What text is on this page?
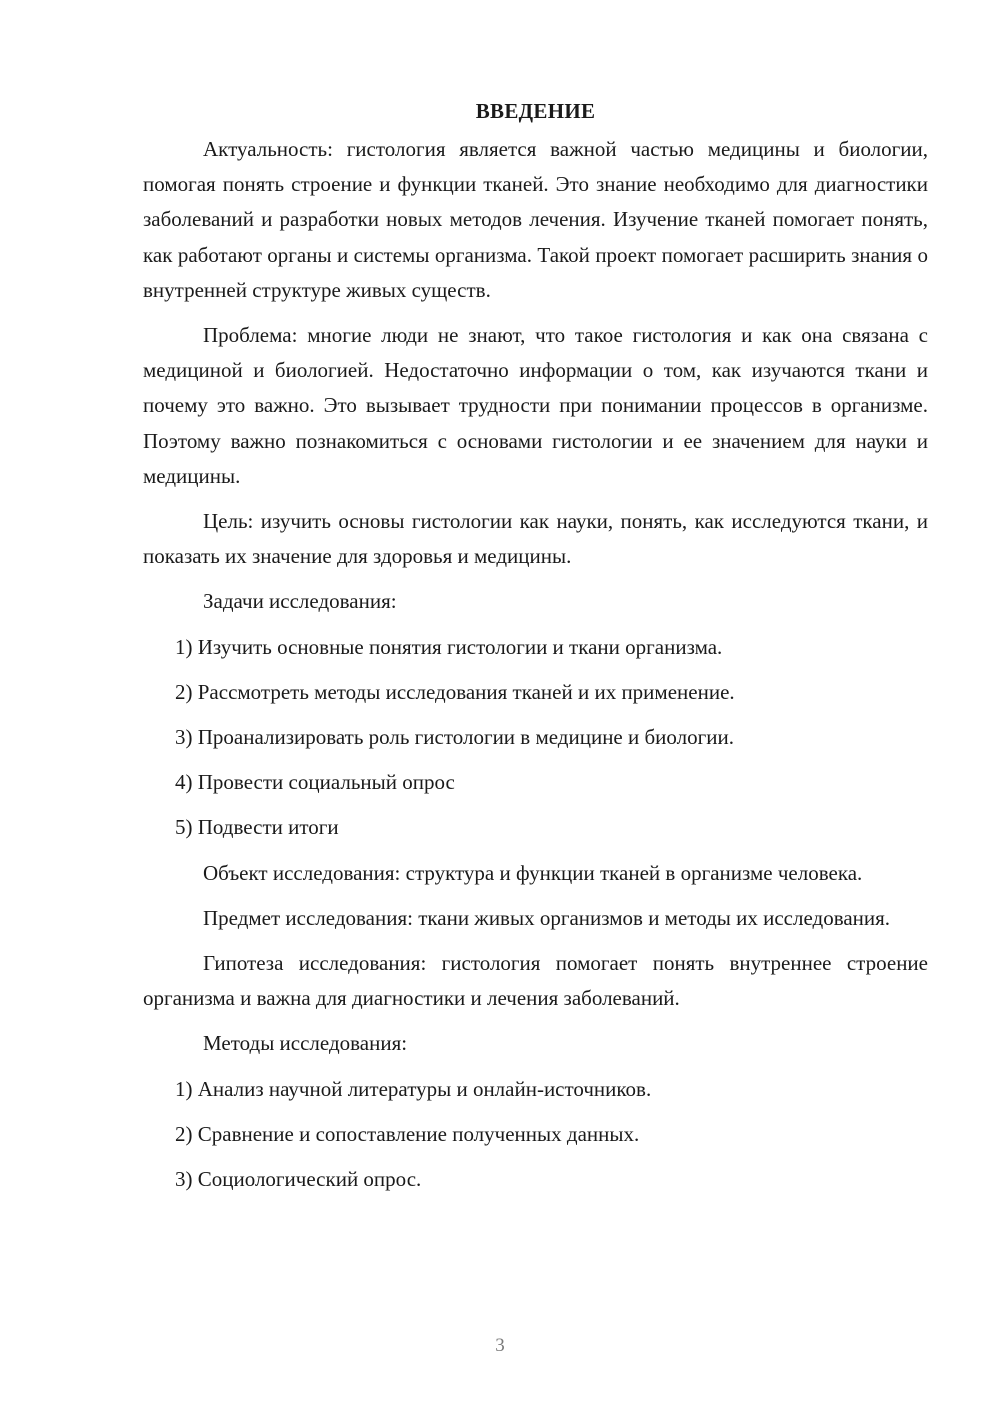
ВВЕДЕНИЕ

Актуальность: гистология является важной частью медицины и биологии, помогая понять строение и функции тканей. Это знание необходимо для диагностики заболеваний и разработки новых методов лечения. Изучение тканей помогает понять, как работают органы и системы организма. Такой проект помогает расширить знания о внутренней структуре живых существ.

Проблема: многие люди не знают, что такое гистология и как она связана с медициной и биологией. Недостаточно информации о том, как изучаются ткани и почему это важно. Это вызывает трудности при понимании процессов в организме. Поэтому важно познакомиться с основами гистологии и ее значением для науки и медицины.

Цель: изучить основы гистологии как науки, понять, как исследуются ткани, и показать их значение для здоровья и медицины.

Задачи исследования:

1) Изучить основные понятия гистологии и ткани организма.

2) Рассмотреть методы исследования тканей и их применение.

3) Проанализировать роль гистологии в медицине и биологии.

4) Провести социальный опрос

5) Подвести итоги

Объект исследования: структура и функции тканей в организме человека.

Предмет исследования: ткани живых организмов и методы их исследования.

Гипотеза исследования: гистология помогает понять внутреннее строение организма и важна для диагностики и лечения заболеваний.

Методы исследования:

1) Анализ научной литературы и онлайн-источников.

2) Сравнение и сопоставление полученных данных.

3) Социологический опрос.

3
